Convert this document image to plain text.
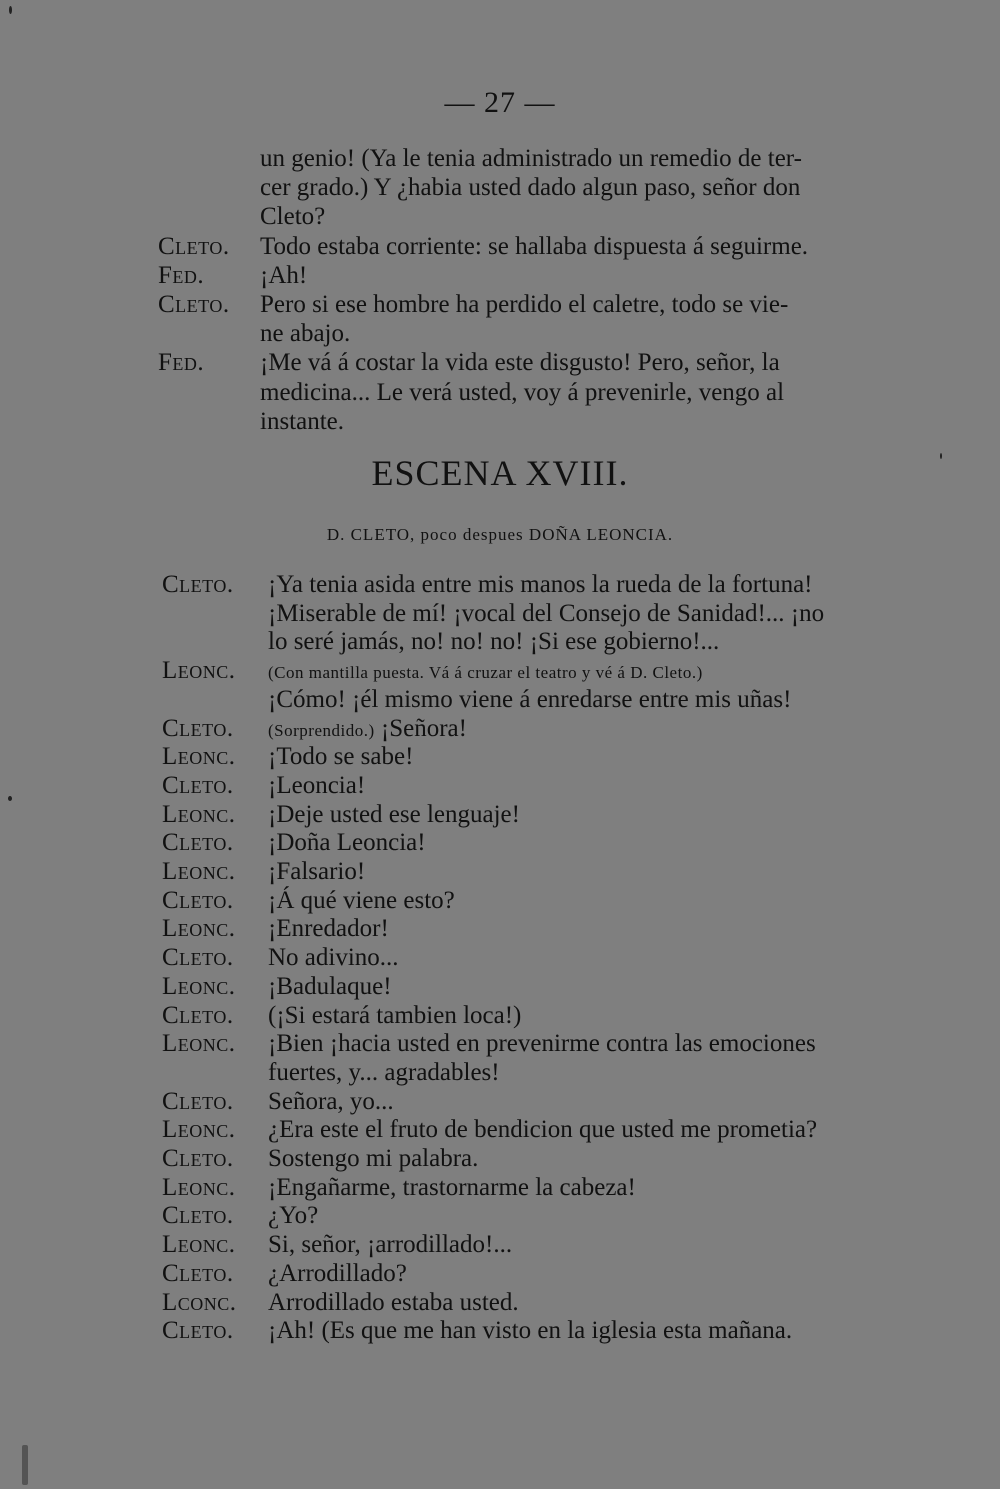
— 27 —
un genio! (Ya le tenia administrado un remedio de ter-
cer grado.) Y ¿habia usted dado algun paso, señor don
Cleto?
Cleto. Todo estaba corriente: se hallaba dispuesta á seguirme.
Fed. ¡Ah!
Cleto. Pero si ese hombre ha perdido el caletre, todo se vie-
ne abajo.
Fed. ¡Me vá á costar la vida este disgusto! Pero, señor, la
medicina... Le verá usted, voy á prevenirle, vengo al
instante.
ESCENA XVIII.
D. CLETO, poco despues DOÑA LEONCIA.
Cleto. ¡Ya tenia asida entre mis manos la rueda de la fortuna!
¡Miserable de mí! ¡vocal del Consejo de Sanidad!... ¡no
lo seré jamás, no! no! no! ¡Si ese gobierno!...
Leonc. (Con mantilla puesta. Vá á cruzar el teatro y vé á D. Cleto.)
¡Cómo! ¡él mismo viene á enredarse entre mis uñas!
Cleto. (Sorprendido.) ¡Señora!
Leonc. ¡Todo se sabe!
Cleto. ¡Leoncia!
Leonc. ¡Deje usted ese lenguaje!
Cleto. ¡Doña Leoncia!
Leonc. ¡Falsario!
Cleto. ¡Á qué viene esto?
Leonc. ¡Enredador!
Cleto. No adivino...
Leonc. ¡Badulaque!
Cleto. (¡Si estará tambien loca!)
Leonc. ¡Bien ¡hacia usted en prevenirme contra las emociones
fuertes, y... agradables!
Cleto. Señora, yo...
Leonc. ¿Era este el fruto de bendicion que usted me prometia?
Cleto. Sostengo mi palabra.
Leonc. ¡Engañarme, trastornarme la cabeza!
Cleto. ¿Yo?
Leonc. Si, señor, ¡arrodillado!...
Cleto. ¿Arrodillado?
Lconc. Arrodillado estaba usted.
Cleto. ¡Ah! (Es que me han visto en la iglesia esta mañana.
